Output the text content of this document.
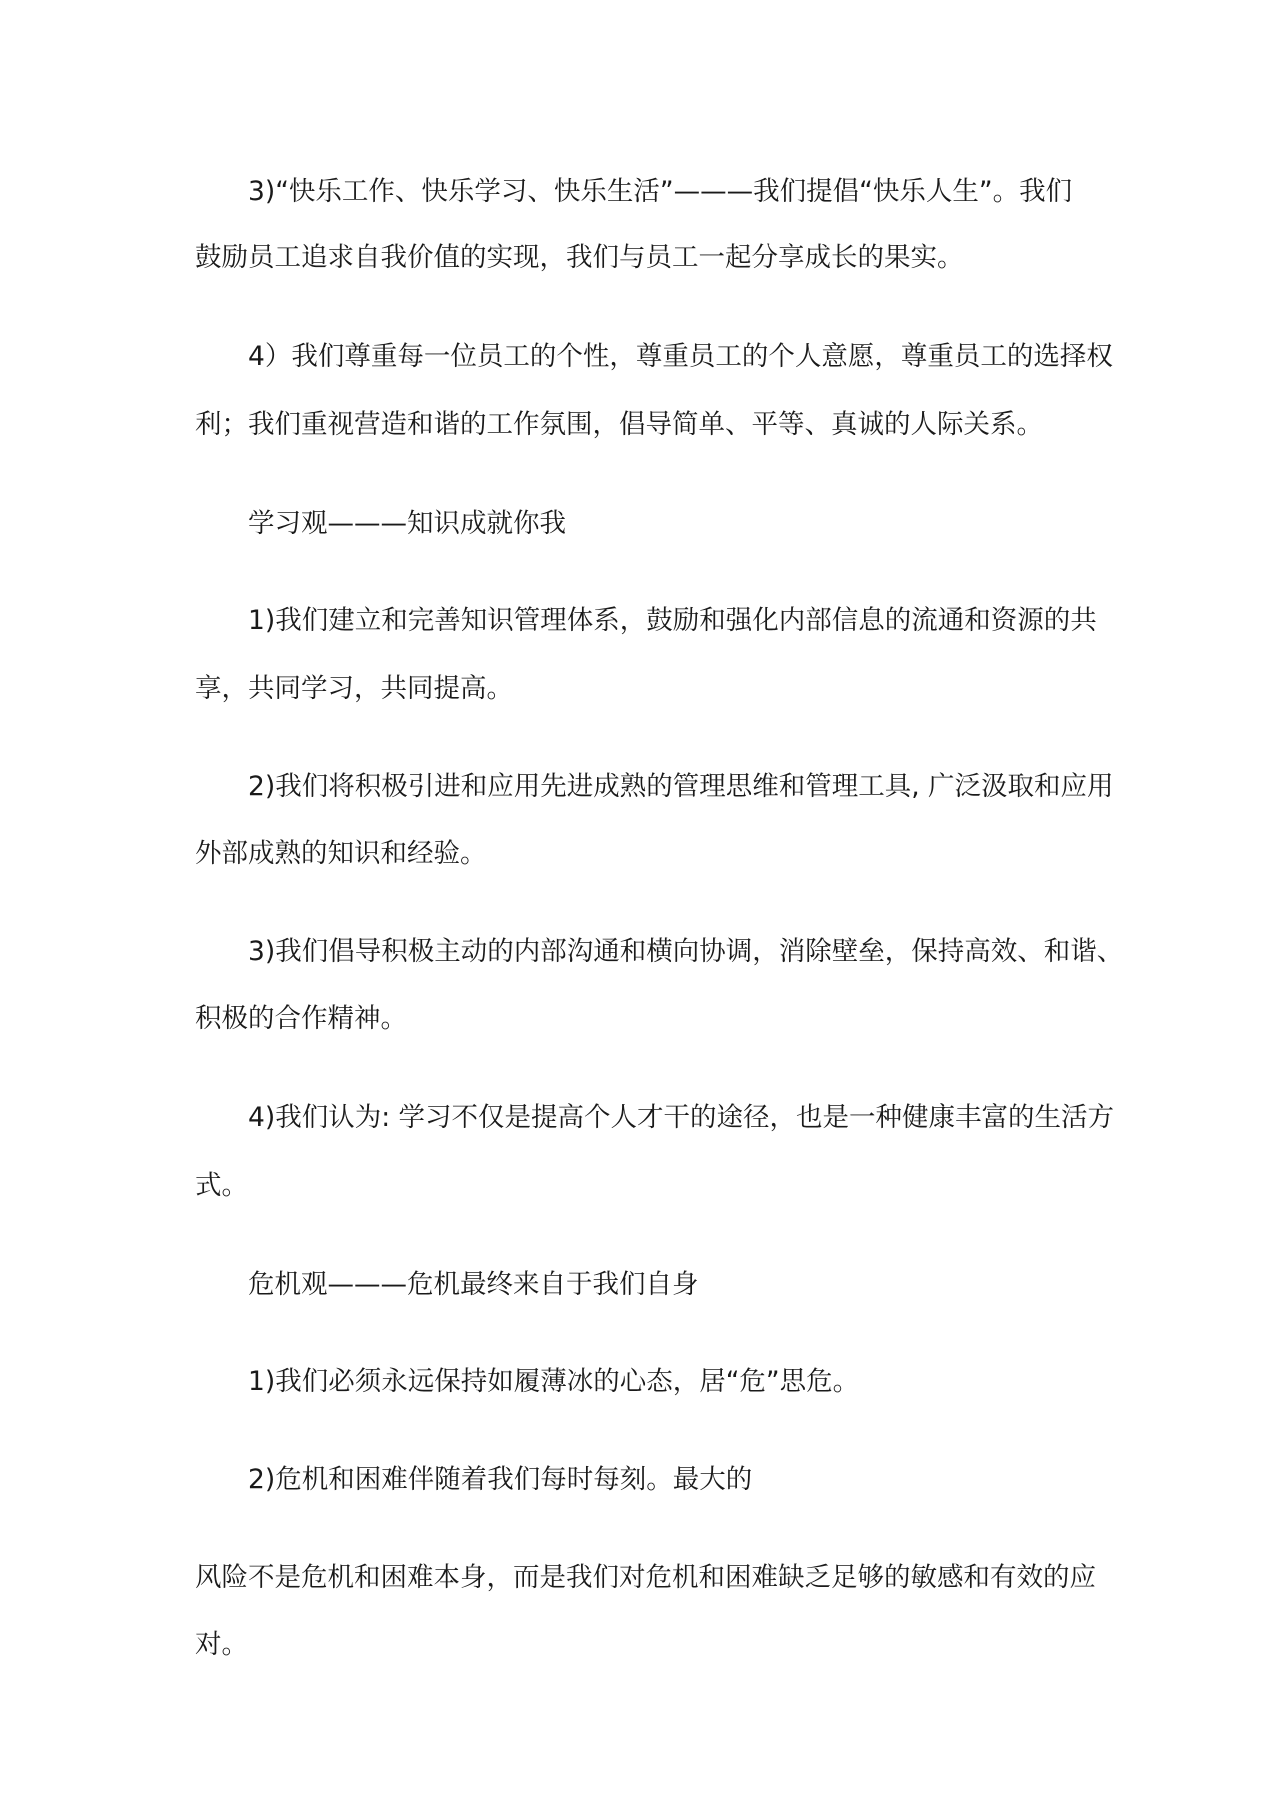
3)“快乐工作、快乐学习、快乐生活”———我们提倡“快乐人生”。我们
鼓励员工追求自我价值的实现，我们与员工一起分享成长的果实。
4）我们尊重每一位员工的个性，尊重员工的个人意愿，尊重员工的选择权
利；我们重视营造和谐的工作氛围，倡导简单、平等、真诚的人际关系。
学习观———知识成就你我
1)我们建立和完善知识管理体系，鼓励和强化内部信息的流通和资源的共
享，共同学习，共同提高。
2)我们将积极引进和应用先进成熟的管理思维和管理工具, 广泛汲取和应用
外部成熟的知识和经验。
3)我们倡导积极主动的内部沟通和横向协调，消除壁垒，保持高效、和谐、
积极的合作精神。
4)我们认为: 学习不仅是提高个人才干的途径，也是一种健康丰富的生活方
式。
危机观———危机最终来自于我们自身
1)我们必须永远保持如履薄冰的心态，居“危”思危。
2)危机和困难伴随着我们每时每刻。最大的
风险不是危机和困难本身，而是我们对危机和困难缺乏足够的敏感和有效的应
对。
